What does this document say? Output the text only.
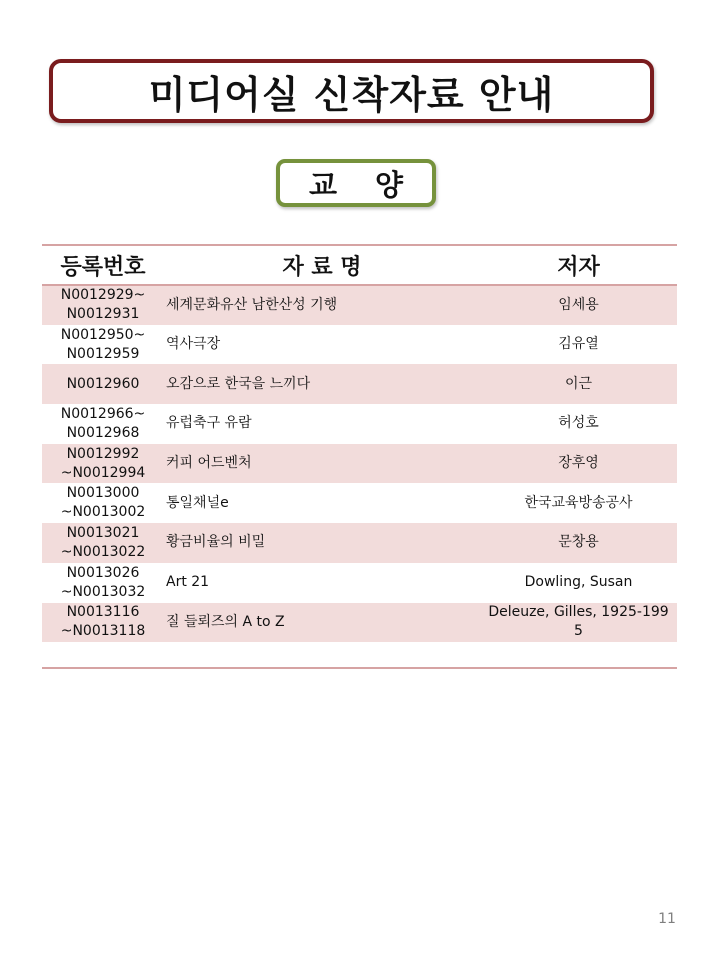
미디어실 신착자료 안내
교 양
등록번호	자 료 명	저자
N0012929~
N0012931	세계문화유산 남한산성 기행	임세용
N0012950~
N0012959	역사극장	김유열
N0012960	오감으로 한국을 느끼다	이근
N0012966~
N0012968	유럽축구 유람	허성호
N0012992
~N0012994	커피 어드벤처	장후영
N0013000
~N0013002	통일채널e	한국교육방송공사
N0013021
~N0013022	황금비율의 비밀	문창용
N0013026
~N0013032	Art 21	Dowling, Susan
N0013116
~N0013118	질 들뢰즈의 A to Z	Deleuze, Gilles, 1925-199
5

11
